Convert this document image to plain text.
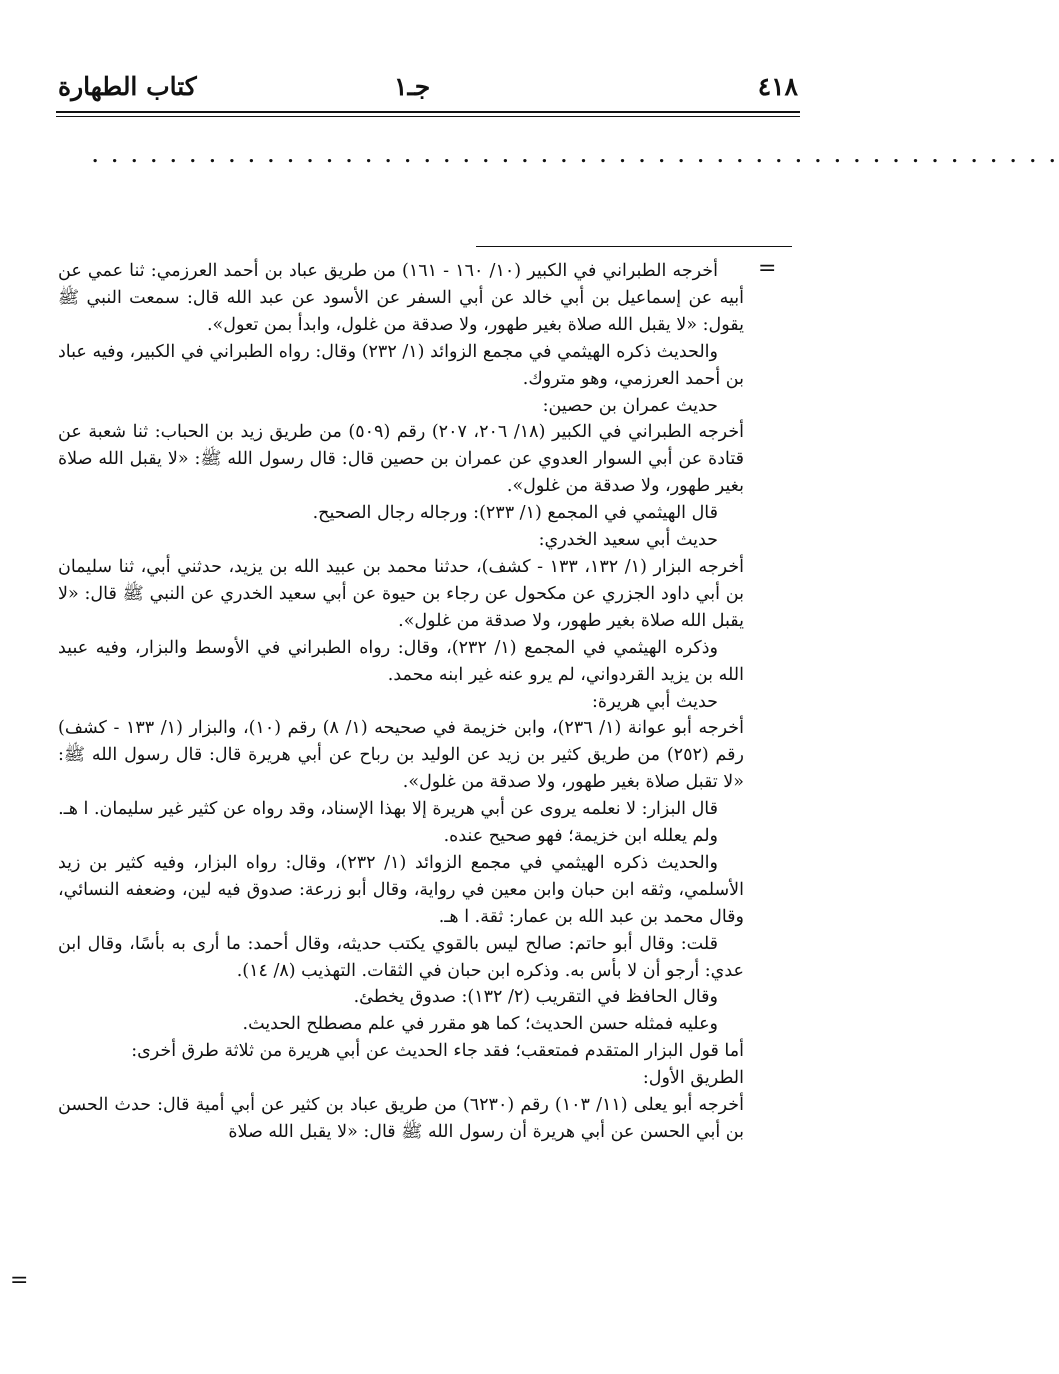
٤١٨
جـ١
كتاب الطهارة
. . . . . . . . . . . . . . . . . . . . . . . . . . . . . . . . . . . . . . . . . . . . . . . . . .
=

أخرجه الطبراني في الكبير (١٠/ ١٦٠ - ١٦١) من طريق عباد بن أحمد العرزمي: ثنا عمي عن أبيه عن إسماعيل بن أبي خالد عن أبي السفر عن الأسود عن عبد الله قال: سمعت النبي ﷺ يقول: «لا يقبل الله صلاة بغير طهور، ولا صدقة من غلول، وابدأ بمن تعول».

والحديث ذكره الهيثمي في مجمع الزوائد (١/ ٢٣٢) وقال: رواه الطبراني في الكبير، وفيه عباد بن أحمد العرزمي، وهو متروك.

حديث عمران بن حصين:

أخرجه الطبراني في الكبير (١٨/ ٢٠٦، ٢٠٧) رقم (٥٠٩) من طريق زيد بن الحباب: ثنا شعبة عن قتادة عن أبي السوار العدوي عن عمران بن حصين قال: قال رسول الله ﷺ: «لا يقبل الله صلاة بغير طهور، ولا صدقة من غلول».

قال الهيثمي في المجمع (١/ ٢٣٣): ورجاله رجال الصحيح.

حديث أبي سعيد الخدري:

أخرجه البزار (١/ ١٣٢، ١٣٣ - كشف)، حدثنا محمد بن عبيد الله بن يزيد، حدثني أبي، ثنا سليمان بن أبي داود الجزري عن مكحول عن رجاء بن حيوة عن أبي سعيد الخدري عن النبي ﷺ قال: «لا يقبل الله صلاة بغير طهور، ولا صدقة من غلول».

وذكره الهيثمي في المجمع (١/ ٢٣٢)، وقال: رواه الطبراني في الأوسط والبزار، وفيه عبيد الله بن يزيد القردواني، لم يرو عنه غير ابنه محمد.

حديث أبي هريرة:

أخرجه أبو عوانة (١/ ٢٣٦)، وابن خزيمة في صحيحه (١/ ٨) رقم (١٠)، والبزار (١/ ١٣٣ - كشف) رقم (٢٥٢) من طريق كثير بن زيد عن الوليد بن رباح عن أبي هريرة قال: قال رسول الله ﷺ: «لا تقبل صلاة بغير طهور، ولا صدقة من غلول».

قال البزار: لا نعلمه يروى عن أبي هريرة إلا بهذا الإسناد، وقد رواه عن كثير غير سليمان. ا هـ.

ولم يعلله ابن خزيمة؛ فهو صحيح عنده.

والحديث ذكره الهيثمي في مجمع الزوائد (١/ ٢٣٢)، وقال: رواه البزار، وفيه كثير بن زيد الأسلمي، وثقه ابن حبان وابن معين في رواية، وقال أبو زرعة: صدوق فيه لين، وضعفه النسائي، وقال محمد بن عبد الله بن عمار: ثقة. ا هـ.

قلت: وقال أبو حاتم: صالح ليس بالقوي يكتب حديثه، وقال أحمد: ما أرى به بأسًا، وقال ابن عدي: أرجو أن لا بأس به. وذكره ابن حبان في الثقات. التهذيب (٨/ ١٤).

وقال الحافظ في التقريب (٢/ ١٣٢): صدوق يخطئ.

وعليه فمثله حسن الحديث؛ كما هو مقرر في علم مصطلح الحديث.

أما قول البزار المتقدم فمتعقب؛ فقد جاء الحديث عن أبي هريرة من ثلاثة طرق أخرى:

الطريق الأول:

أخرجه أبو يعلى (١١/ ١٠٣) رقم (٦٢٣٠) من طريق عباد بن كثير عن أبي أمية قال: حدث الحسن بن أبي الحسن عن أبي هريرة أن رسول الله ﷺ قال: «لا يقبل الله صلاة

=
